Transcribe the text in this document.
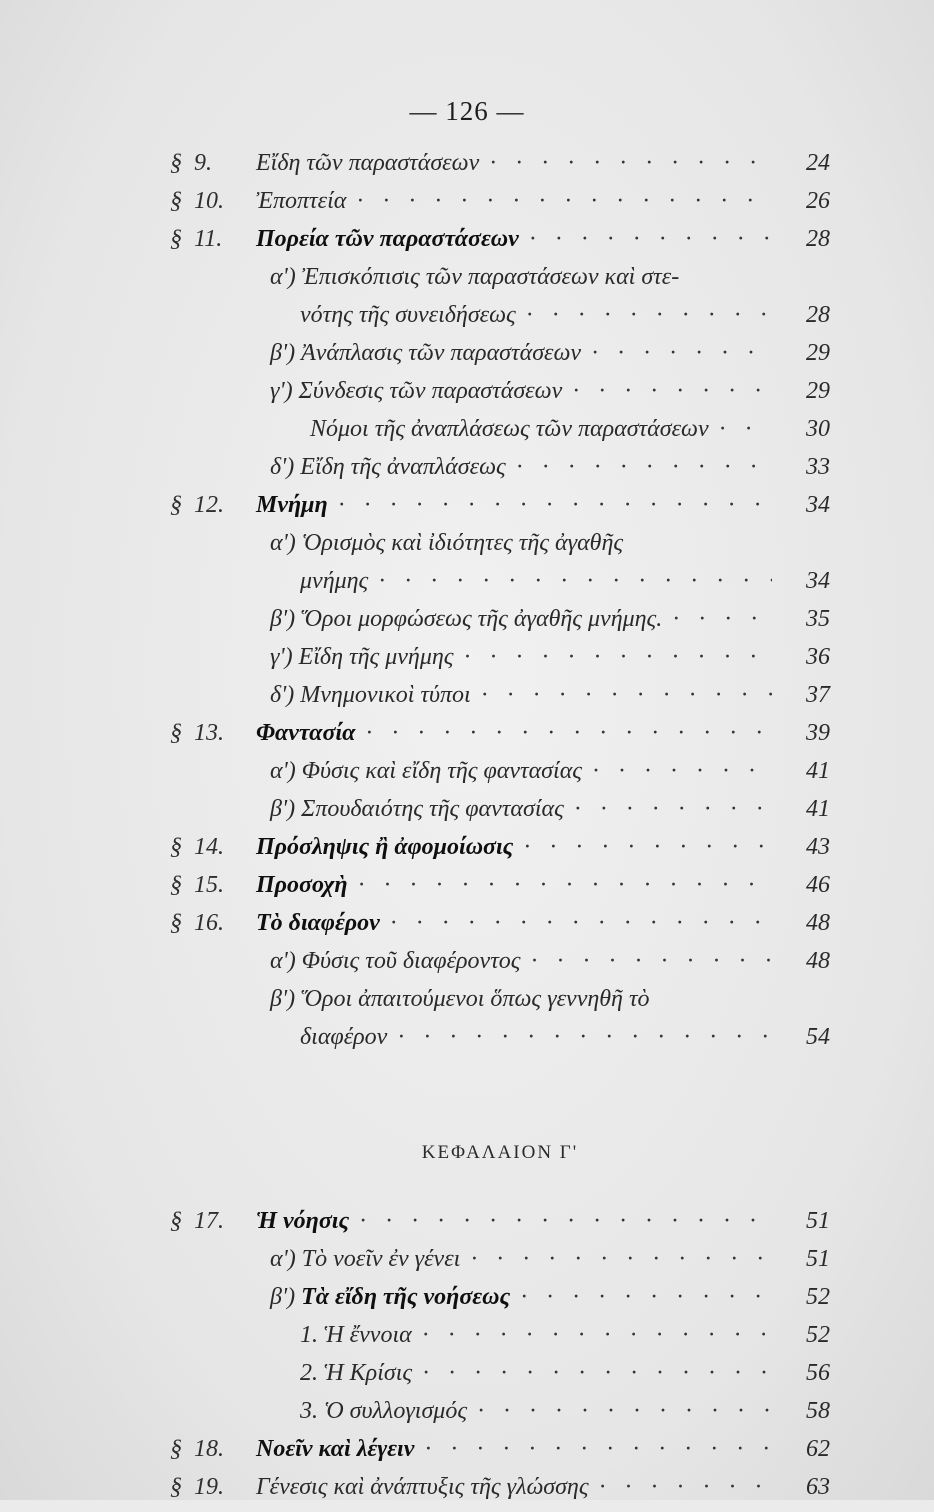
— 126 —
§ 9.	Εἴδη τῶν παραστάσεων · · ·	24
§ 10.	Ἐποπτεία · · ·	26
§ 11.	Πορεία τῶν παραστάσεων · · ·	28
α') Ἐπισκόπισις τῶν παραστάσεων καὶ στε-
νότης τῆς συνειδήσεως · · ·	28
β') Ἀνάπλασις τῶν παραστάσεων · · ·	29
γ') Σύνδεσις τῶν παραστάσεων · · ·	29
Νόμοι τῆς ἀναπλάσεως τῶν παραστάσεων · · ·	30
δ') Εἴδη τῆς ἀναπλάσεως · · ·	33
§ 12.	Μνήμη · · ·	34
α') Ὁρισμὸς καὶ ἰδιότητες τῆς ἀγαθῆς
μνήμης · · ·	34
β') Ὅροι μορφώσεως τῆς ἀγαθῆς μνήμης. · · ·	35
γ') Εἴδη τῆς μνήμης · · ·	36
δ') Μνημονικοὶ τύποι · · ·	37
§ 13.	Φαντασία · · ·	39
α') Φύσις καὶ εἴδη τῆς φαντασίας · · ·	41
β') Σπουδαιότης τῆς φαντασίας · · ·	41
§ 14.	Πρόσληψις ἢ ἀφομοίωσις · · ·	43
§ 15.	Προσοχὴ · · ·	46
§ 16.	Τὸ διαφέρον · · ·	48
α') Φύσις τοῦ διαφέροντος · · ·	48
β') Ὅροι ἀπαιτούμενοι ὅπως γεννηθῆ τὸ
διαφέρον · · ·	54
ΚΕΦΑΛΑΙΟΝ Γ'
§ 17.	Ἡ νόησις · · ·	51
α') Τὸ νοεῖν ἐν γένει · · ·	51
β') Τὰ εἴδη τῆς νοήσεως · · ·	52
1. Ἡ ἔννοια · · ·	52
2. Ἡ Κρίσις · · ·	56
3. Ὁ συλλογισμός · · ·	58
§ 18.	Νοεῖν καὶ λέγειν · · ·	62
§ 19.	Γένεσις καὶ ἀνάπτυξις τῆς γλώσσης · · ·	63
